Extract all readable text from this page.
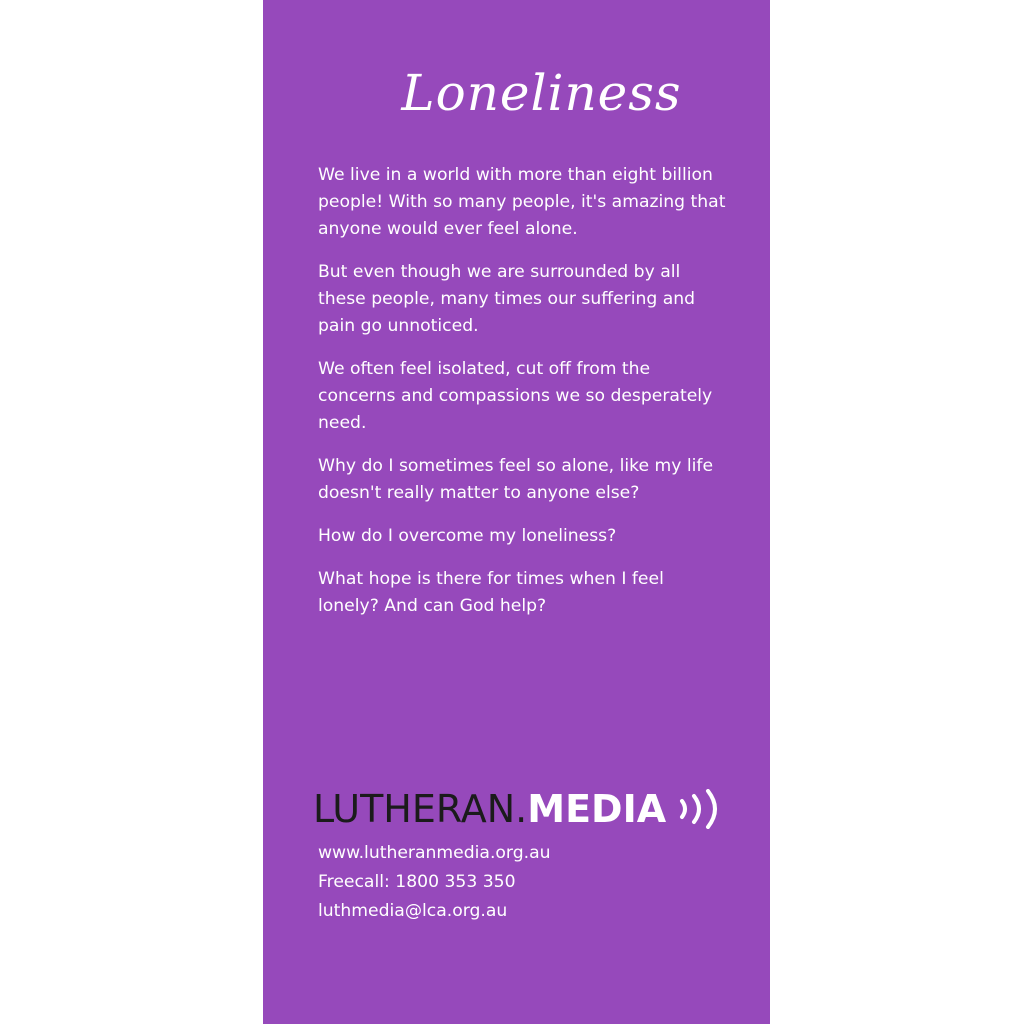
Loneliness

We live in a world with more than eight billion people! With so many people, it's amazing that anyone would ever feel alone.

But even though we are surrounded by all these people, many times our suffering and pain go unnoticed.

We often feel isolated, cut off from the concerns and compassions we so desperately need.

Why do I sometimes feel so alone, like my life doesn't really matter to anyone else?

How do I overcome my loneliness?

What hope is there for times when I feel lonely? And can God help?

LUTHERAN. MEDIA
www.lutheranmedia.org.au
Freecall: 1800 353 350
luthmedia@lca.org.au
